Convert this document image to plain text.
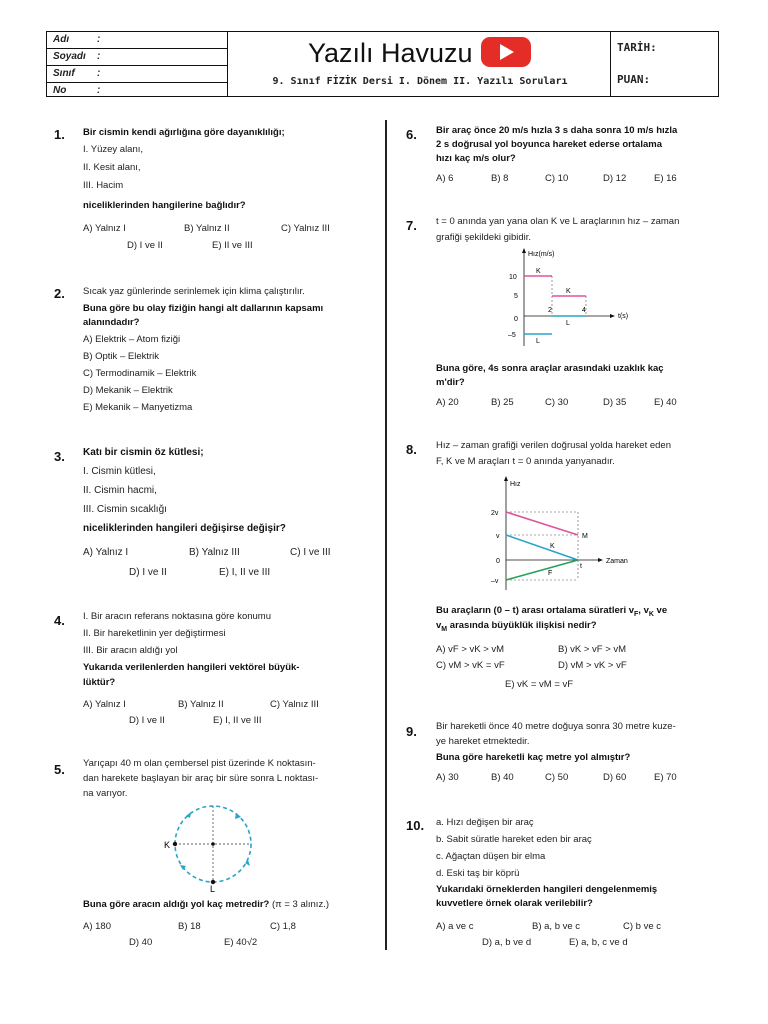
Adı	:
Soyadı :
Sınıf :
No	:
Yazılı Havuzu
9. Sınıf FİZİK Dersi I. Dönem II. Yazılı Soruları
TARİH:
PUAN:
1. Bir cismin kendi ağırlığına göre dayanıklılığı;
I. Yüzey alanı,
II. Kesit alanı,
III. Hacim
niceliklerinden hangilerine bağlıdır?
A) Yalnız I	B) Yalnız II	C) Yalnız III
D) I ve II	E) II ve III
2. Sıcak yaz günlerinde serinlemek için klima çalıştırılır.
Buna göre bu olay fiziğin hangi alt dallarının kapsamı
alanındadır?
A) Elektrik – Atom fiziği
B) Optik – Elektrik
C) Termodinamik – Elektrik
D) Mekanik – Elektrik
E) Mekanik – Manyetizma
3. Katı bir cismin öz kütlesi;
I. Cismin kütlesi,
II. Cismin hacmi,
III. Cismin sıcaklığı
niceliklerinden hangileri değişirse değişir?
A) Yalnız I	B) Yalnız III	C) I ve III
D) I ve II	E) I, II ve III
4. I. Bir aracın referans noktasına göre konumu
II. Bir hareketlinin yer değiştirmesi
III. Bir aracın aldığı yol
Yukarıda verilenlerden hangileri vektörel büyük-
lüktür?
A) Yalnız I	B) Yalnız II	C) Yalnız III
D) I ve II	E) I, II ve III
5. Yarıçapı 40 m olan çembersel pist üzerinde K noktasın-
dan harekete başlayan bir araç bir süre sonra L noktası-
na varıyor.
K
L
Buna göre aracın aldığı yol kaç metredir? (π = 3 alınız.)
A) 180	B) 18	C) 1,8
D) 40	E) 40√2
6. Bir araç önce 20 m/s hızla 3 s daha sonra 10 m/s hızla
2 s doğrusal yol boyunca hareket ederse ortalama
hızı kaç m/s olur?
A) 6	B) 8	C) 10	D) 12	E) 16
7. t = 0 anında yan yana olan K ve L araçlarının hız – zaman
grafiği şekildeki gibidir.
Hız(m/s)
t(s)
10
5
0
–5
2	4
K
K
L
L
Buna göre, 4s sonra araçlar arasındaki uzaklık kaç
m'dir?
A) 20	B) 25	C) 30	D) 35	E) 40
8. Hız – zaman grafiği verilen doğrusal yolda hareket eden
F, K ve M araçları t = 0 anında yanyanadır.
Hız
Zaman
2v
v
0
–v
t
M
K
F
Bu araçların (0 – t) arası ortalama süratleri $v_F$, $v_K$ ve
$v_M$ arasında büyüklük ilişkisi nedir?
A) vF > vK > vM	B) vK > vF > vM
C) vM > vK = vF	D) vM > vK > vF
E) vK = vM = vF
9. Bir hareketli önce 40 metre doğuya sonra 30 metre kuze-
ye hareket etmektedir.
Buna göre hareketli kaç metre yol almıştır?
A) 30	B) 40	C) 50	D) 60	E) 70
10. a. Hızı değişen bir araç
b. Sabit süratle hareket eden bir araç
c. Ağaçtan düşen bir elma
d. Eski taş bir köprü
Yukarıdaki örneklerden hangileri dengelenmemiş
kuvvetlere örnek olarak verilebilir?
A) a ve c	B) a, b ve c	C) b ve c
D) a, b ve d	E) a, b, c ve d
